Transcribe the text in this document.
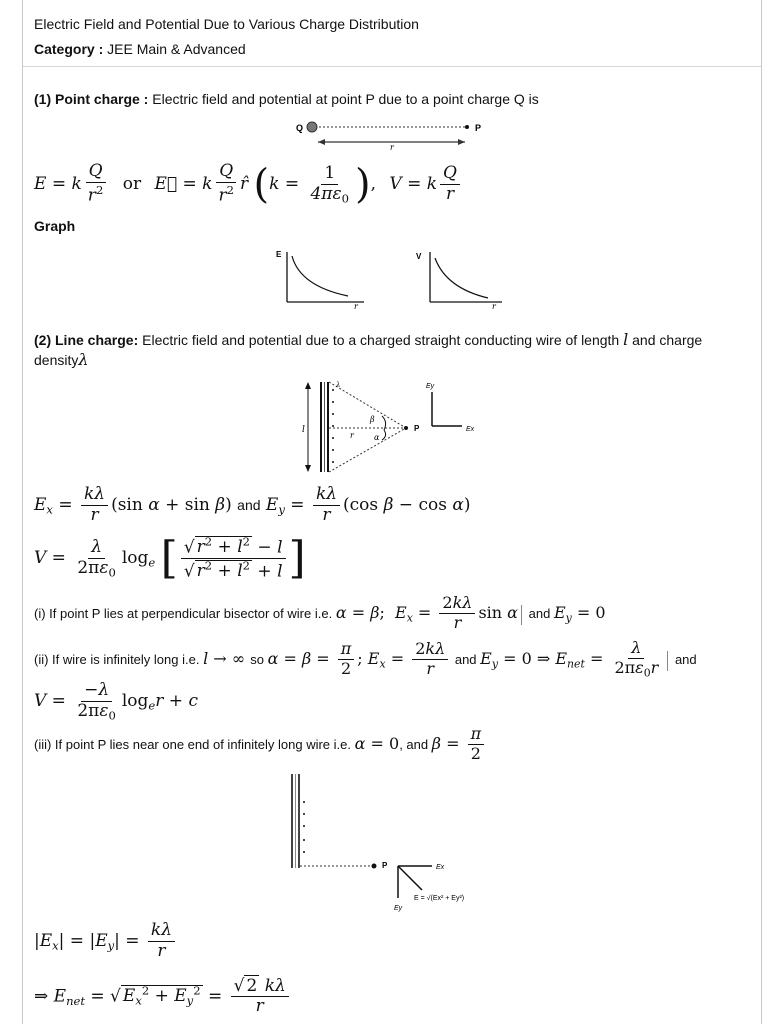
Electric Field and Potential Due to Various Charge Distribution
Category : JEE Main & Advanced
(1) Point charge : Electric field and potential at point P due to a point charge Q is
Q	P
r
E = k $\frac{Q}{r^2}$ or E⃗ = k $\frac{Q}{r^2}$ r̂ ($k = \frac{1}{4\pi\varepsilon_0}$ ), V = k $\frac{Q}{r}$
Graph
E
r
V
r
(2) Line charge: Electric field and potential due to a charged straight conducting wire of length l and charge densityλ
l
λ
β
α
r
P
Ey
Ex
$E_x = \frac{k\lambda}{r} (\sin$ α + sin β) and $E_y = \frac{k\lambda}{r} (\cos$ β − cos α)
$V = \frac{\lambda}{2\pi\varepsilon_0} \log_e$ [ $\frac{√ r^2 + l^2 - l}{√ r^2 + l^2 + l}$ ]
(i) If point P lies at perpendicular bisector of wire i.e. α = β;  $E_x = \frac{2k\lambda}{r}$ sin α and $E_y = 0$
(ii) If wire is infinitely long i.e. l → ∞ so $\alpha = \beta = \frac{\pi}{2}$ ; $E_x = \frac{2k\lambda}{r}$ and $E_y = 0$ ⇒ $E_{net} = \frac{\lambda}{2\pi\varepsilon_0r}$ and
$V = \frac{-\lambda}{2\pi\varepsilon_0} \log_er + c$
(iii) If point P lies near one end of infinitely long wire i.e. α = 0, and $\beta = \frac{\pi}{2}$
P	Ex
Ey
E = √(Ex² + Ey²)
$|E_x| = |E_y| = \frac{k\lambda}{r}$
⇒ $E_{net}$ = √ $E_x^2 + E_y^2 = \frac{√ 2 k\lambda}{r}$
